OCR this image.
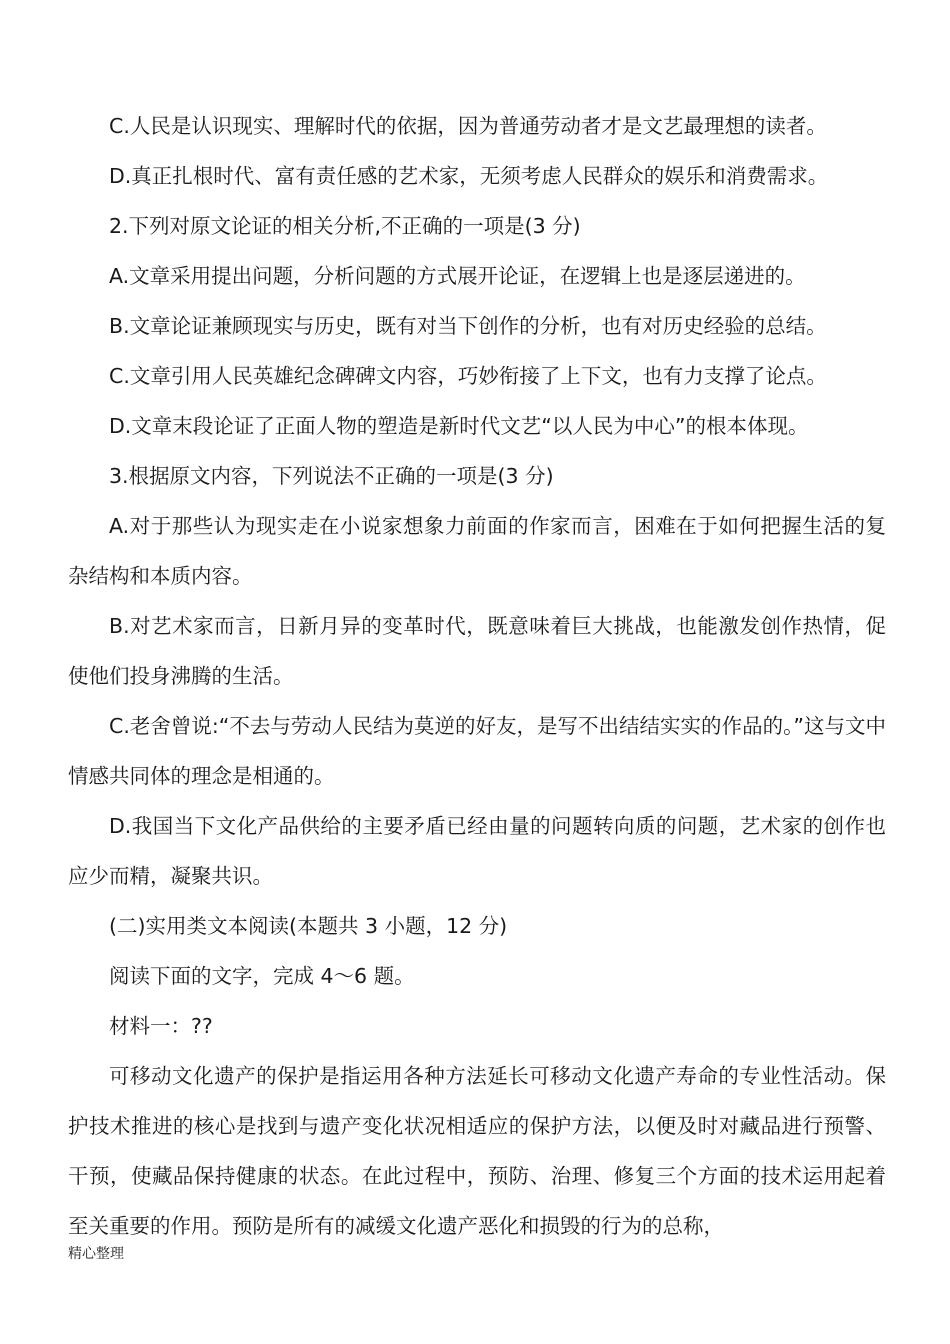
C.人民是认识现实、理解时代的依据，因为普通劳动者才是文艺最理想的读者。

D.真正扎根时代、富有责任感的艺术家，无须考虑人民群众的娱乐和消费需求。

2.下列对原文论证的相关分析,不正确的一项是(3 分)

A.文章采用提出问题，分析问题的方式展开论证，在逻辑上也是逐层递进的。

B.文章论证兼顾现实与历史，既有对当下创作的分析，也有对历史经验的总结。

C.文章引用人民英雄纪念碑碑文内容，巧妙衔接了上下文，也有力支撑了论点。

D.文章末段论证了正面人物的塑造是新时代文艺“以人民为中心”的根本体现。

3.根据原文内容，下列说法不正确的一项是(3 分)

A.对于那些认为现实走在小说家想象力前面的作家而言，困难在于如何把握生活的复杂结构和本质内容。

B.对艺术家而言，日新月异的变革时代，既意味着巨大挑战，也能激发创作热情，促使他们投身沸腾的生活。

C.老舍曾说:“不去与劳动人民结为莫逆的好友，是写不出结结实实的作品的。”这与文中情感共同体的理念是相通的。

D.我国当下文化产品供给的主要矛盾已经由量的问题转向质的问题，艺术家的创作也应少而精，凝聚共识。

(二)实用类文本阅读(本题共 3 小题，12 分)

阅读下面的文字，完成 4～6 题。

材料一：??

可移动文化遗产的保护是指运用各种方法延长可移动文化遗产寿命的专业性活动。保护技术推进的核心是找到与遗产变化状况相适应的保护方法，以便及时对藏品进行预警、干预，使藏品保持健康的状态。在此过程中，预防、治理、修复三个方面的技术运用起着至关重要的作用。预防是所有的减缓文化遗产恶化和损毁的行为的总称，

精心整理
